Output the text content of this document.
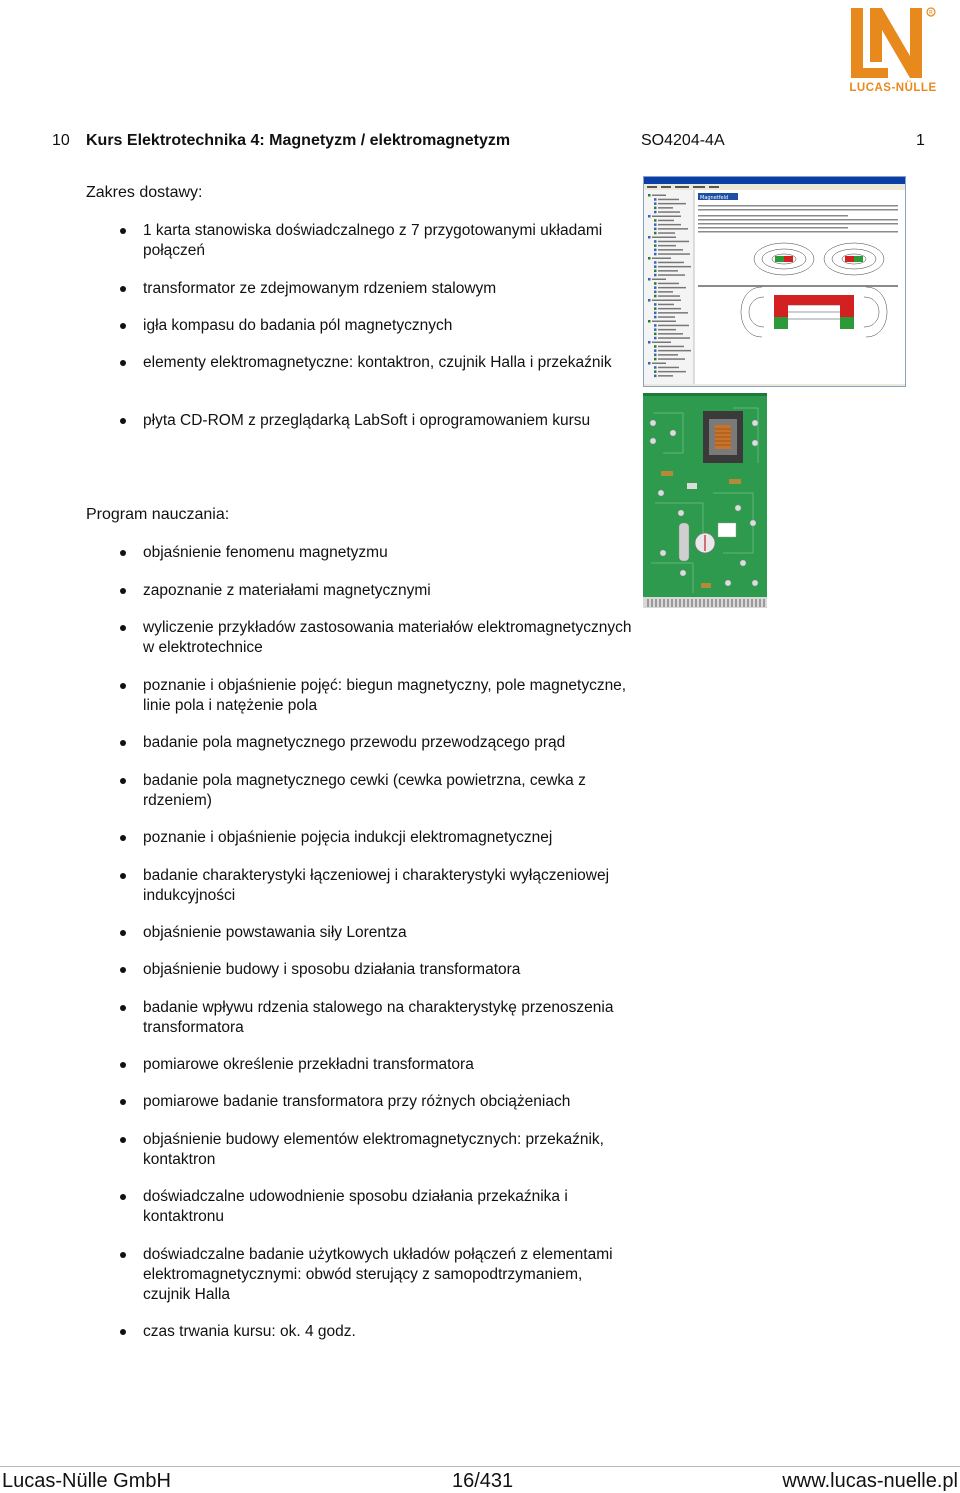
R
LUCAS-NÜLLE
10 Kurs Elektrotechnika 4: Magnetyzm / elektromagnetyzm	SO4204-4A	1
Zakres dostawy:
1 karta stanowiska doświadczalnego z 7 przygotowanymi układami połączeń
transformator ze zdejmowanym rdzeniem stalowym
igła kompasu do badania pól magnetycznych
elementy elektromagnetyczne: kontaktron, czujnik Halla i przekaźnik
płyta CD-ROM z przeglądarką LabSoft i oprogramowaniem kursu
Program nauczania:
objaśnienie fenomenu magnetyzmu
zapoznanie z materiałami magnetycznymi
wyliczenie przykładów zastosowania materiałów elektromagnetycznych w elektrotechnice
poznanie i objaśnienie pojęć: biegun magnetyczny, pole magnetyczne, linie pola i natężenie pola
badanie pola magnetycznego przewodu przewodzącego prąd
badanie pola magnetycznego cewki (cewka powietrzna, cewka z rdzeniem)
poznanie i objaśnienie pojęcia indukcji elektromagnetycznej
badanie charakterystyki łączeniowej i charakterystyki wyłączeniowej indukcyjności
objaśnienie powstawania siły Lorentza
objaśnienie budowy i sposobu działania transformatora
badanie wpływu rdzenia stalowego na charakterystykę przenoszenia transformatora
pomiarowe określenie przekładni transformatora
pomiarowe badanie transformatora przy różnych obciążeniach
objaśnienie budowy elementów elektromagnetycznych: przekaźnik, kontaktron
doświadczalne udowodnienie sposobu działania przekaźnika i kontaktronu
doświadczalne badanie użytkowych układów połączeń z elementami elektromagnetycznymi: obwód sterujący z samopodtrzymaniem, czujnik Halla
czas trwania kursu: ok. 4 godz.
Magnetfeld
Lucas-Nülle GmbH	16/431	www.lucas-nuelle.pl
